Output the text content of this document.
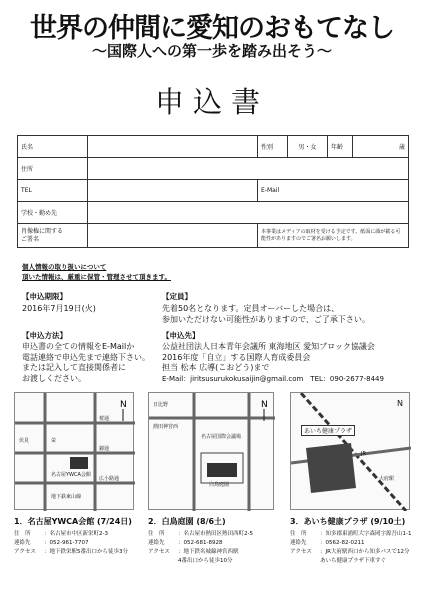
世界の仲間に愛知のおもてなし
〜国際人への第一歩を踏み出そう〜
申込書
氏名		性別	男・女	年齢	歳
住所					
TEL		E-Mail			

学校・勤め先					
肖像権に関する
ご署名		本事業はメディアの取材を受ける予定です。紙面に顔が載る可能性がありますのでご署名お願いします。			
個人情報の取り扱いについて
頂いた情報は、厳重に保管・管理させて頂きます。
【申込期限】
2016年7月19日(火)
【申込方法】
申込書の全ての情報をE-Mailか
電話連絡で申込先まで連絡下さい。
または記入して直接関係者に
お渡しください。
【定員】
先着50名となります。定員オーバーした場合は、
参加いただけない可能性がありますので、ご了承下さい。
【申込先】
公益社団法人日本青年会議所 東海地区 愛知ブロック協議会
2016年度「自立」する国際人育成委員会
担当 松本 広導(こおどう)まで
E-Mail：jiritsusurukokusaijin@gmail.com　 TEL：090-2677-8449
N
桜通
錦通
広小路通
伏見	栄
名古屋YWCA会館
地下鉄東山線
N
白鳥庭園
名古屋国際会議場
熱田神宮西
日比野
あいち健康プラザ
大府駅
JR
N
1．名古屋YWCA会館 (7/24日)
住　所 ：名古屋市中区新栄町2-3
連絡先 ：052-961-7707
アクセス ：地下鉄栄駅5番出口から徒歩3分
2．白鳥庭園 (8/6土)
住　所 ：名古屋市熱田区熱田西町2-5
連絡先 ：052-681-8928
アクセス ：地下鉄名城線神宮西駅
4番出口から徒歩10分
3．あいち健康プラザ (9/10土)
住　所 ：知多郡東浦町大字森岡字源吾山1-1
連絡先 ：0562-82-0211
アクセス ：JR大府駅西口から知多バスで12分
あいち健康プラザ下車すぐ
